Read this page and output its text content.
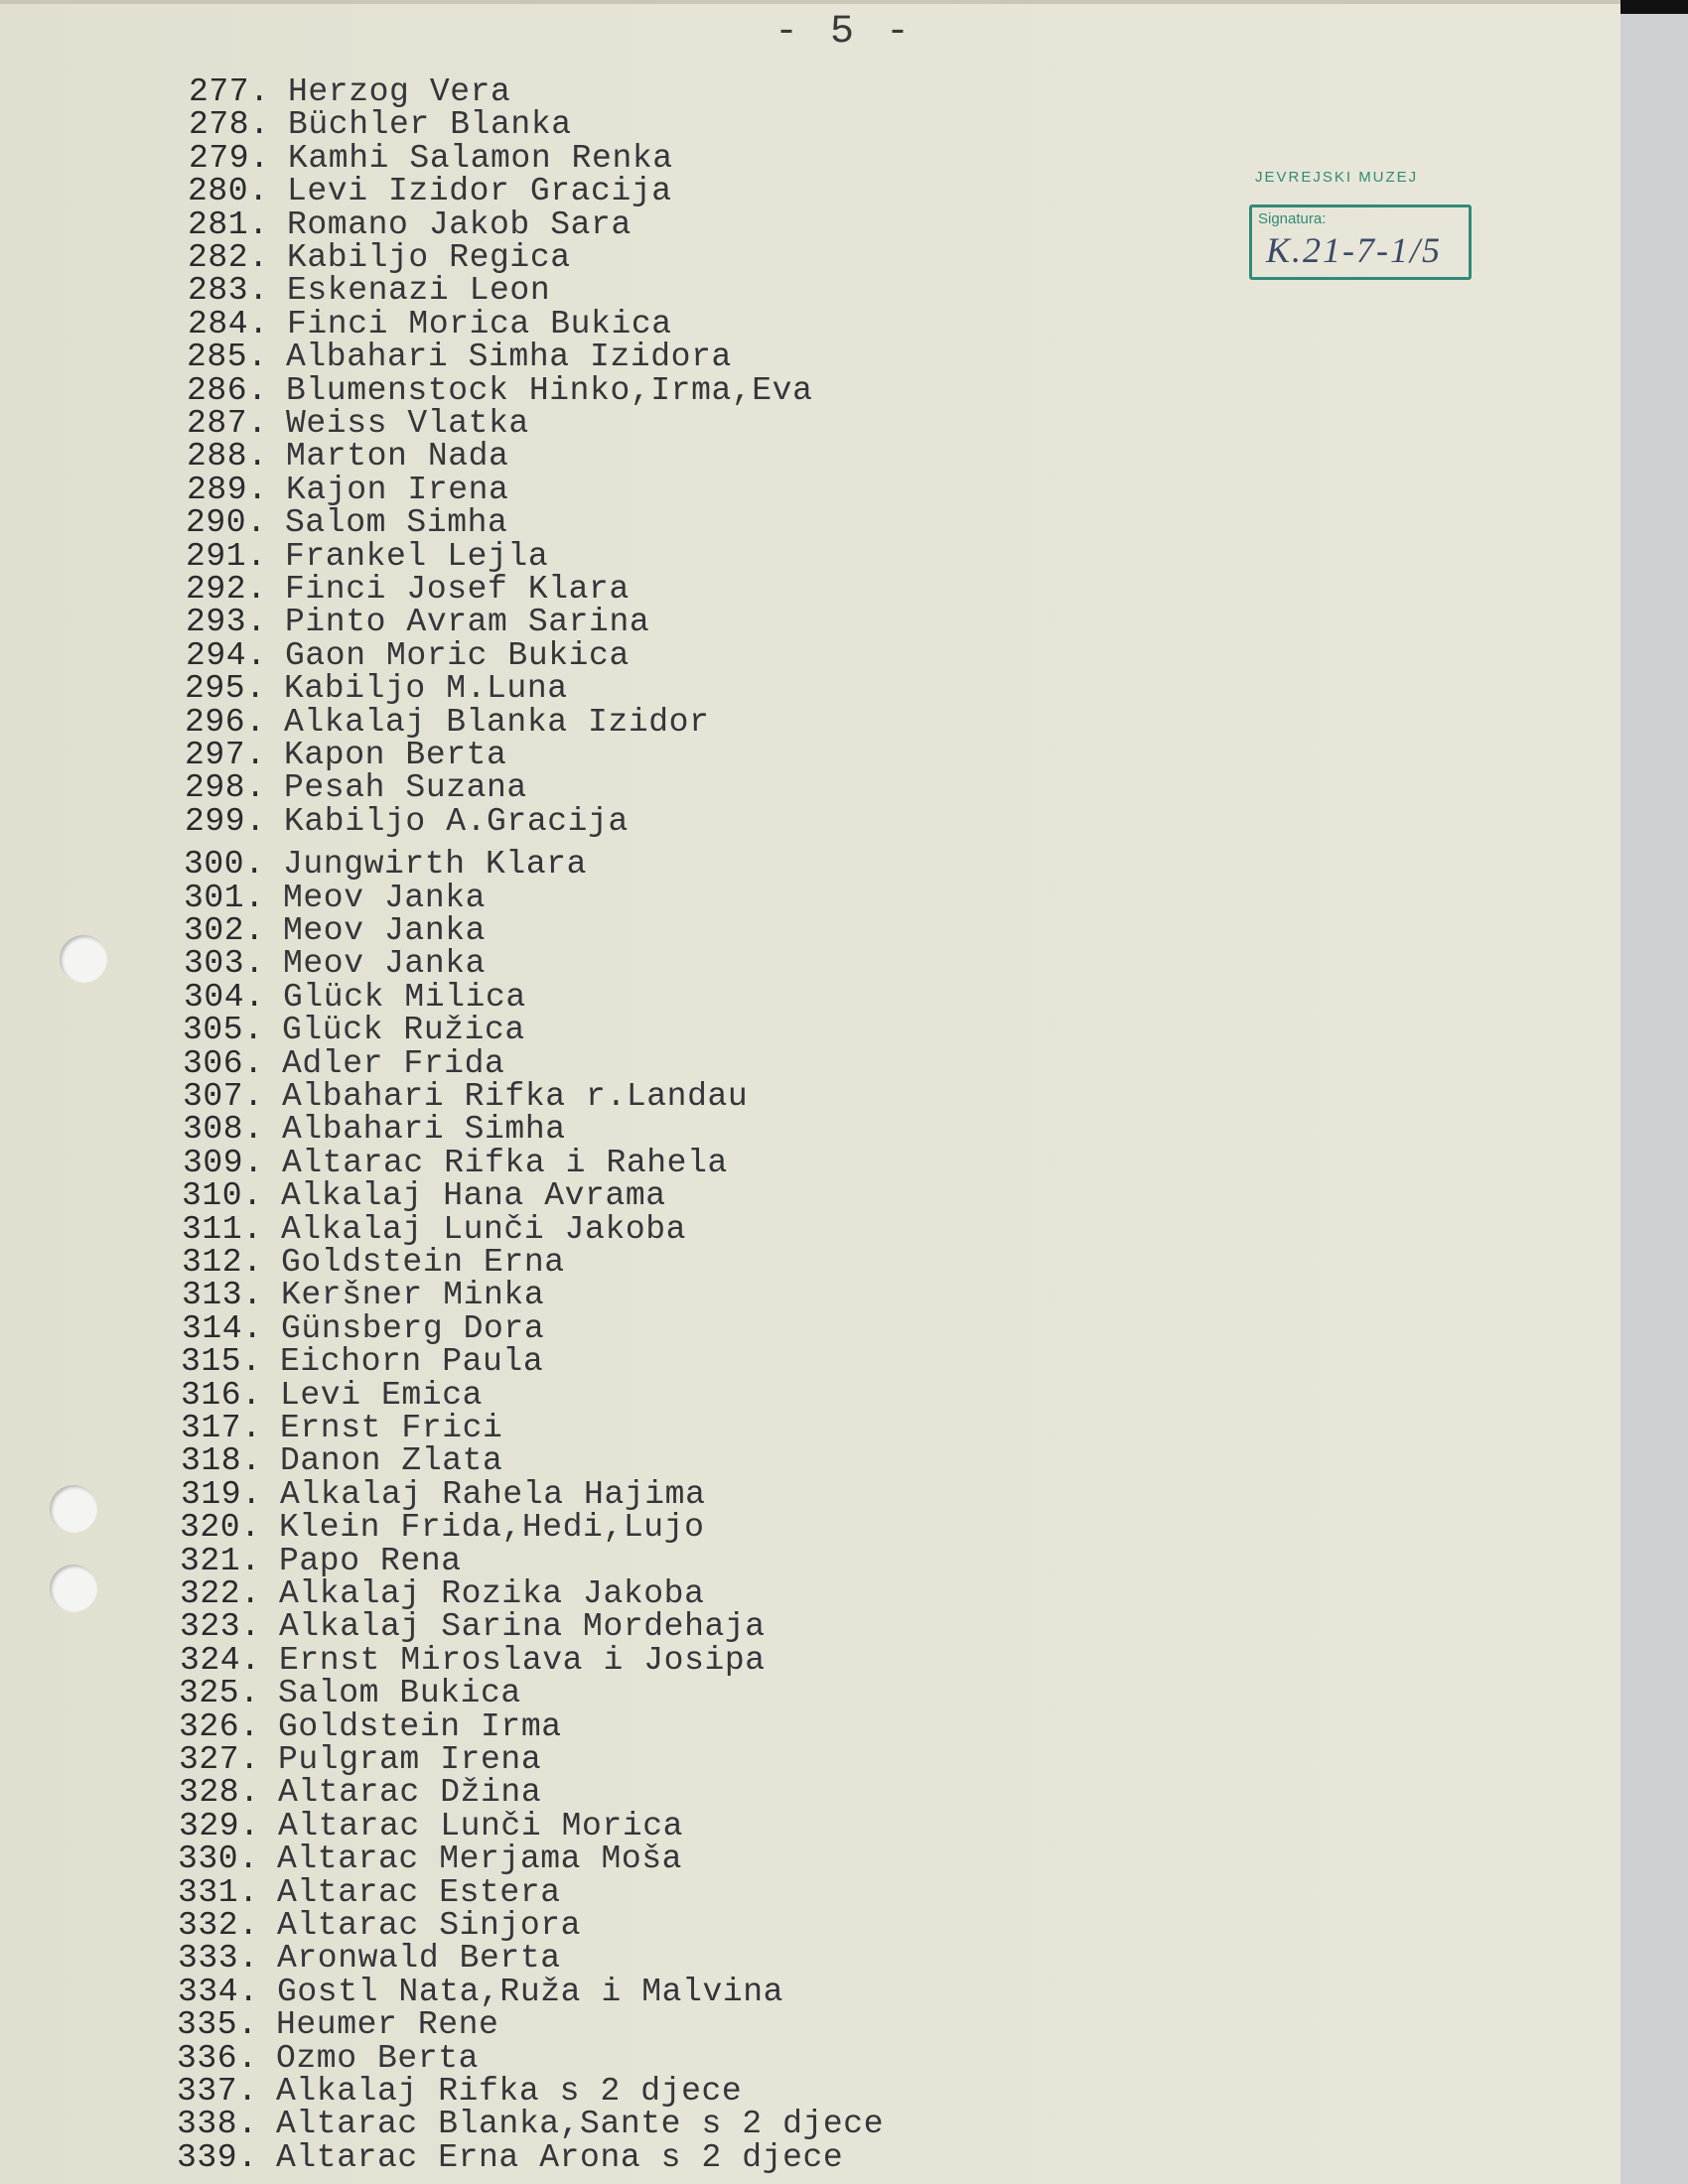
- 5 -
JEVREJSKI MUZEJ
Signatura:
K.21-7-1/5
277. Herzog Vera
278. Büchler Blanka
279. Kamhi Salamon Renka
280. Levi Izidor Gracija
281. Romano Jakob Sara
282. Kabiljo Regica
283. Eskenazi Leon
284. Finci Morica Bukica
285. Albahari Simha Izidora
286. Blumenstock Hinko,Irma,Eva
287. Weiss Vlatka
288. Marton Nada
289. Kajon Irena
290. Salom Simha
291. Frankel Lejla
292. Finci Josef Klara
293. Pinto Avram Sarina
294. Gaon Moric Bukica
295. Kabiljo M.Luna
296. Alkalaj Blanka Izidor
297. Kapon Berta
298. Pesah Suzana
299. Kabiljo A.Gracija
300. Jungwirth Klara
301. Meov Janka
302. Meov Janka
303. Meov Janka
304. Glück Milica
305. Glück Ružica
306. Adler Frida
307. Albahari Rifka r.Landau
308. Albahari Simha
309. Altarac Rifka i Rahela
310. Alkalaj Hana Avrama
311. Alkalaj Lunči Jakoba
312. Goldstein Erna
313. Keršner Minka
314. Günsberg Dora
315. Eichorn Paula
316. Levi Emica
317. Ernst Frici
318. Danon Zlata
319. Alkalaj Rahela Hajima
320. Klein Frida,Hedi,Lujo
321. Papo Rena
322. Alkalaj Rozika Jakoba
323. Alkalaj Sarina Mordehaja
324. Ernst Miroslava i Josipa
325. Salom Bukica
326. Goldstein Irma
327. Pulgram Irena
328. Altarac Džina
329. Altarac Lunči Morica
330. Altarac Merjama Moša
331. Altarac Estera
332. Altarac Sinjora
333. Aronwald Berta
334. Gostl Nata,Ruža i Malvina
335. Heumer Rene
336. Ozmo Berta
337. Alkalaj Rifka s 2 djece
338. Altarac Blanka,Sante s 2 djece
339. Altarac Erna Arona s 2 djece
